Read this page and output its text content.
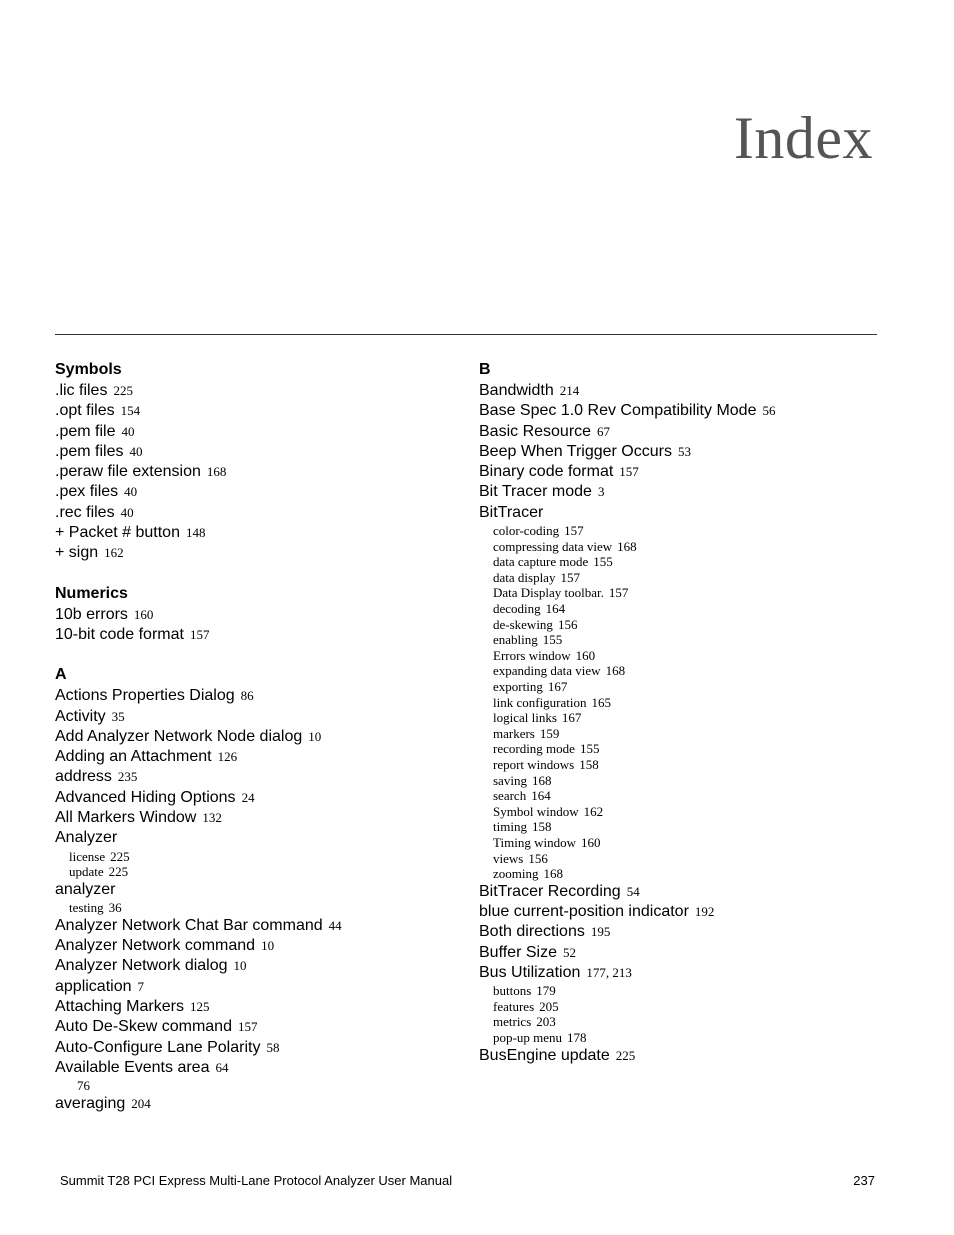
Index
Symbols
.lic files 225
.opt files 154
.pem file 40
.pem files 40
.peraw file extension 168
.pex files 40
.rec files 40
+ Packet # button 148
+ sign 162
Numerics
10b errors 160
10-bit code format 157
A
Actions Properties Dialog 86
Activity 35
Add Analyzer Network Node dialog 10
Adding an Attachment 126
address 235
Advanced Hiding Options 24
All Markers Window 132
Analyzer
license 225
update 225
analyzer
testing 36
Analyzer Network Chat Bar command 44
Analyzer Network command 10
Analyzer Network dialog 10
application 7
Attaching Markers 125
Auto De-Skew command 157
Auto-Configure Lane Polarity 58
Available Events area 64
76
averaging 204
B
Bandwidth 214
Base Spec 1.0 Rev Compatibility Mode 56
Basic Resource 67
Beep When Trigger Occurs 53
Binary code format 157
Bit Tracer mode 3
BitTracer
color-coding 157
compressing data view 168
data capture mode 155
data display 157
Data Display toolbar. 157
decoding 164
de-skewing 156
enabling 155
Errors window 160
expanding data view 168
exporting 167
link configuration 165
logical links 167
markers 159
recording mode 155
report windows 158
saving 168
search 164
Symbol window 162
timing 158
Timing window 160
views 156
zooming 168
BitTracer Recording 54
blue current-position indicator 192
Both directions 195
Buffer Size 52
Bus Utilization 177, 213
buttons 179
features 205
metrics 203
pop-up menu 178
BusEngine update 225
Summit T28 PCI Express Multi-Lane Protocol Analyzer User Manual	237
